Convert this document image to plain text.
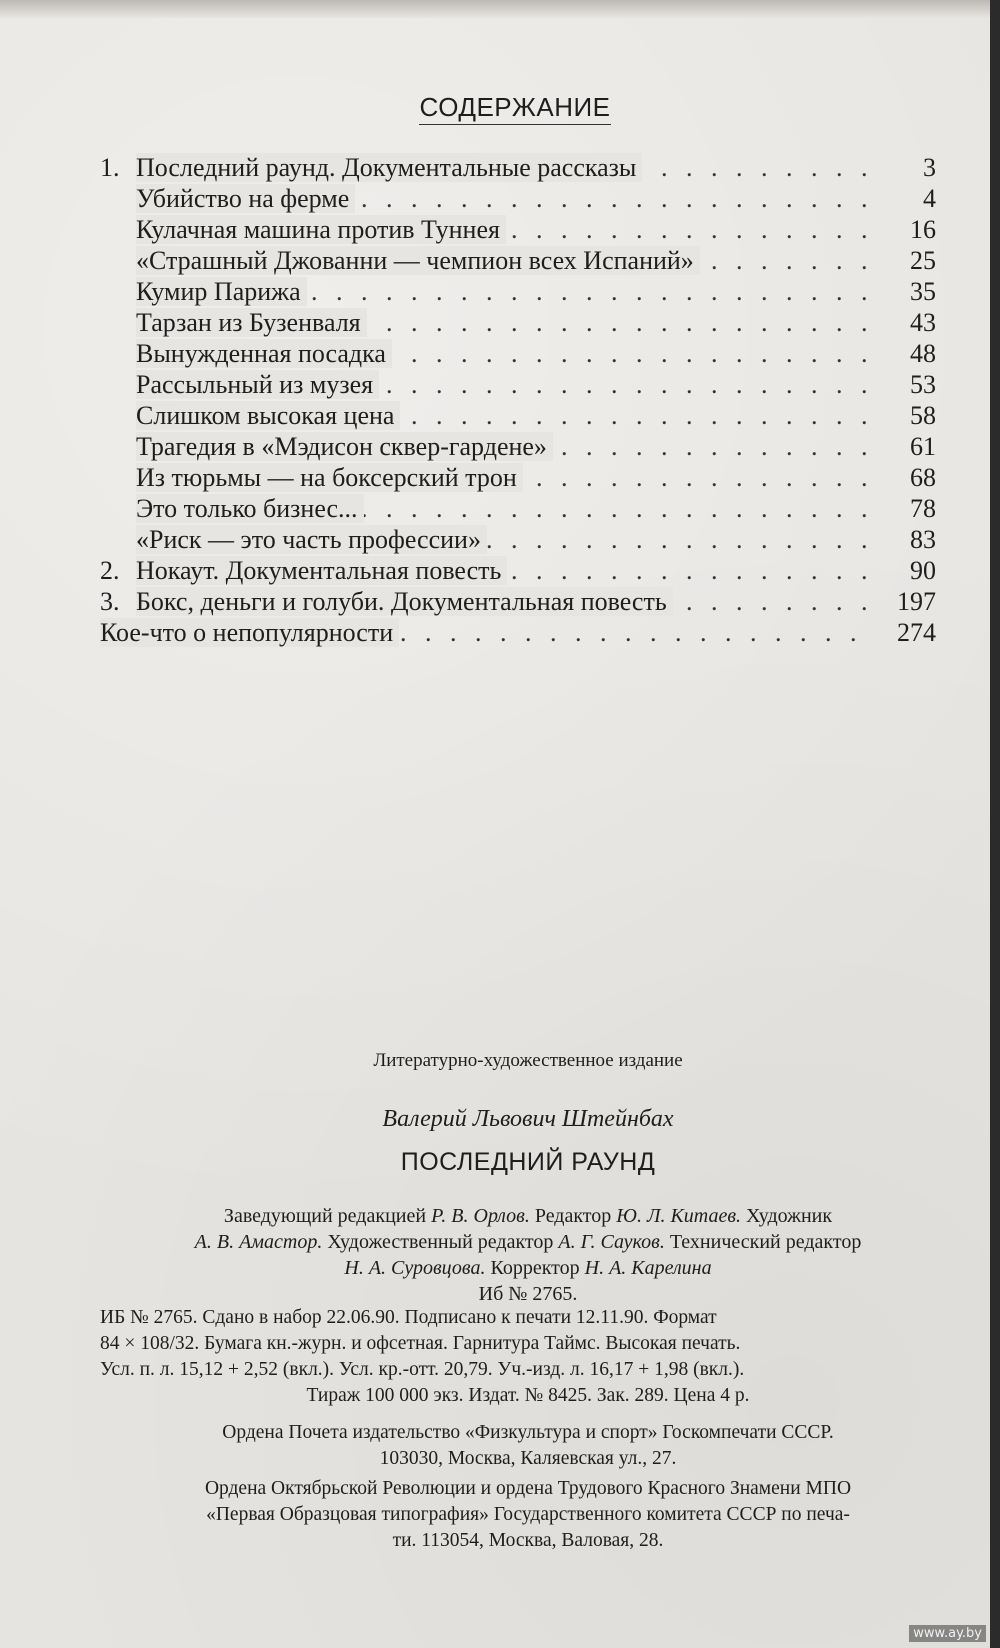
СОДЕРЖАНИЕ
1. Последний раунд. Документальные рассказы . . .	3
Убийство на ферме . . .	4
Кулачная машина против Туннея . . .	16
«Страшный Джованни — чемпион всех Испаний» . . .	25
Кумир Парижа . . .	35
Тарзан из Бузенваля . . .	43
Вынужденная посадка . . .	48
Рассыльный из музея . . .	53
Слишком высокая цена . . .	58
Трагедия в «Мэдисон сквер-гардене» . . .	61
Из тюрьмы — на боксерский трон . . .	68
Это только бизнес... . . .	78
«Риск — это часть профессии» . . .	83
2. Нокаут. Документальная повесть . . .	90
3. Бокс, деньги и голуби. Документальная повесть . . .	197
Кое-что о непопулярности . . .	274
Литературно-художественное издание
Валерий Львович Штейнбах
ПОСЛЕДНИЙ РАУНД
Заведующий редакцией Р. В. Орлов. Редактор Ю. Л. Китаев. Художник
А. В. Амастор. Художественный редактор А. Г. Сауков. Технический редактор
Н. А. Суровцова. Корректор Н. А. Карелина
Иб № 2765.
ИБ № 2765. Сдано в набор 22.06.90. Подписано к печати 12.11.90. Формат
84 × 108/32. Бумага кн.-журн. и офсетная. Гарнитура Таймс. Высокая печать.
Усл. п. л. 15,12 + 2,52 (вкл.). Усл. кр.-отт. 20,79. Уч.-изд. л. 16,17 + 1,98 (вкл.).
Тираж 100 000 экз. Издат. № 8425. Зак. 289. Цена 4 р.
Ордена Почета издательство «Физкультура и спорт» Госкомпечати СССР.
103030, Москва, Каляевская ул., 27.
Ордена Октябрьской Революции и ордена Трудового Красного Знамени МПО
«Первая Образцовая типография» Государственного комитета СССР по печа-
ти. 113054, Москва, Валовая, 28.
www.ay.by
